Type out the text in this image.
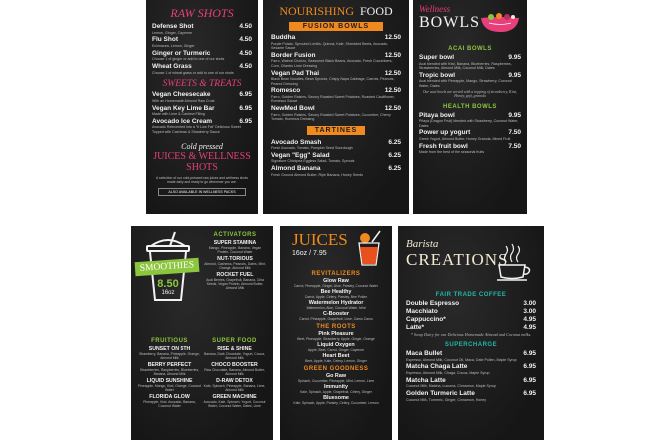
RAW SHOTS
Defense Shot	4.50
Lemon, Ginger, Cayenne
Flu Shot	4.50
Echinacea, Lemon, Ginger
Ginger or Turmeric	4.50
Choose 1 of ginger or add to one of our shots
Wheat Grass	4.50
Choose 1 of wheat grass or add to one of our shots
SWEETS & TREATS
Vegan Cheesecake	6.95
With an Homemade Almond Raw Crust
Vegan Key Lime Bar	6.95
Made with Lime & Cashew Filling
Avocado Ice Cream	6.95
Avocado Reinvented into a "It Low Fat" Delicious Sweet Topped with Cashews & Strawberry Sauce
Cold pressed
JUICES & WELLNESS
SHOTS
A selection of our cold-pressed raw juices and wellness shots made daily and ready to go whenever you are.
ALSO AVAILABLE IN WELLNESS PACKS
NOURISHING FOOD
FUSION BOWLS
Buddha	12.50
Purple Potato, Sprouted Lentils, Quinoa, Kale, Shredded Beets, Avocado, Sesame Sauce
Border Fusion	12.50
Farro, Walnut Chorizo, Seasoned Black Beans, Avocado, Fresh Cucumbers, Corn, Cilantro Lime Dressing
Vegan Pad Thai	12.50
Black Bean Noodles, Bean Sprouts, Crispy Napa Cabbage, Carrots, Peanuts, Peanut Dressing
Romesco	12.50
Farro, Golden Raisins, Savory Roasted Sweet Potatoes, Roasted Cauliflower, Romesco Sauce
NewMed Bowl	12.50
Farro, Golden Raisins, Savory Roasted Sweet Potatoes, Cucumber, Cherry Tomato, Hummus Dressing
TARTINES
Avocado Smash	6.25
Fresh Avocado, Tomato, Pumpkin Seed Sourdough
Vegan "Egg" Salad	6.25
Signature Chickpea Eggless Salad, Tomato, Sprouts
Almond Banana	6.25
Fresh Ground Almond Butter, Ripe Banana, Honey Seeds
Wellness
BOWLS
ACAI BOWLS
Super bowl	9.95
Acai blended with Kiwi, Banana, Blueberries, Raspberries, Strawberries, Almond Milk, Coconut Milk, Dates
Tropic bowl	9.95
Acai blended with Pineapple, Mango, Strawberry, Coconut Water, Dates
Our acai bowls are served with a topping of strawberry, Kiwi, Honey, goji, granola
HEALTH BOWLS
Pitaya bowl	9.95
Pitaya (Dragon Fruit) blended with Strawberry, Coconut Water, Dates
Power up yogurt	7.50
Greek Yogurt, Almond Butter, Honey Granola, Mixed Fruit
Fresh fruit bowl	7.50
Made from the best of the seasonal fruits
SMOOTHIES
8.50
16oz
ACTIVATORS
SUPER STAMINA
Mango, Pineapple, Banana, Vegan Protein, Coconut Water
NUT-TORIOUS
Almond, Cashews, Peanuts, Dates, Mint, Orange, Almond Milk
ROCKET FUEL
Acai Berries, Grapefruit, Banana, Chia Seeds, Vegan Protein, Almond Butter, Almond Milk
FRUITIOUS
SUNSET ON 5TH
Strawberry, Banana, Pineapple, Orange, Almond Milk
BERRY PERFECT
Strawberries, Raspberries, Blueberries, Banana, Almond Milk
LIQUID SUNSHINE
Pineapple, Mango, Kiwi, Orange, Coconut Water
FLORIDA GLOW
Pineapple, Kiwi, Avocado, Banana, Coconut Water
SUPER FOOD
RISE & SHINE
Banana, Dark Chocolate, Yogurt, Cocoa, Almond Milk
CHOCO BOOSTER
Raw Chocolate, Banana, Almond Butter, Almond Milk
D-RAW DETOX
Kale, Spinach, Pineapple, Banana, Lime, Almond Milk
GREEN MACHINE
Avocado, Kale, Spinach, Yogurt, Coconut Water, Coconut Water, Dates, Lime
JUICES
16oz / 7.95
REVITALIZERS
Glow Raw
Carrot, Pineapple, Ginger, Aloe, Parsley, Coconut Water
Bee Healthy
Carrot, Apple, Celery, Parsley, Bee Pollen
Watermelon Hydrator
Watermelon, Aloe, Coconut Water, Mint
C-Booster
Carrot, Pineapple, Grapefruit, Lime, Camu Camu
THE ROOTS
Pink Pleasure
Beet, Pineapple, Strawberry, Apple, Ginger, Orange
Liquid Oxygen
Apple, Beet, Carrot, Ginger, Cayenne
Heart Beet
Beet, Apple, Kale, Celery, Lemon, Ginger
GREEN GOODNESS
Go Raw
Spinach, Cucumber, Pineapple, Mint, Lemon, Lime
Immunity
Kale, Spinach, Apple, Grapefruit, Celery, Ginger
Bluesome
Kale, Spinach, Apple, Parsley, Celery, Cucumber, Lemon
Barista
CREATIONS
FAIR TRADE COFFEE
Double Espresso	3.00
Macchiato	3.00
Cappuccino*	4.95
Latte*	4.95
* Swap Dairy for our Delicious Homemade Almond and Coconut milks.
SUPERCHARGE
Maca Bullet	6.95
Espresso, Almond Milk, Coconut Oil, Maca, Date Pollen, Maple Syrup
Matcha Chaga Latte	6.95
Espresso, Almond Milk, Chaga, Cocoa, Maple Syrup
Matcha Latte	6.95
Coconut Milk, Matcha, Lucuma, Cinnamon, Maple Syrup
Golden Turmeric Latte	6.95
Coconut Milk, Turmeric, Ginger, Cinnamon, Honey
